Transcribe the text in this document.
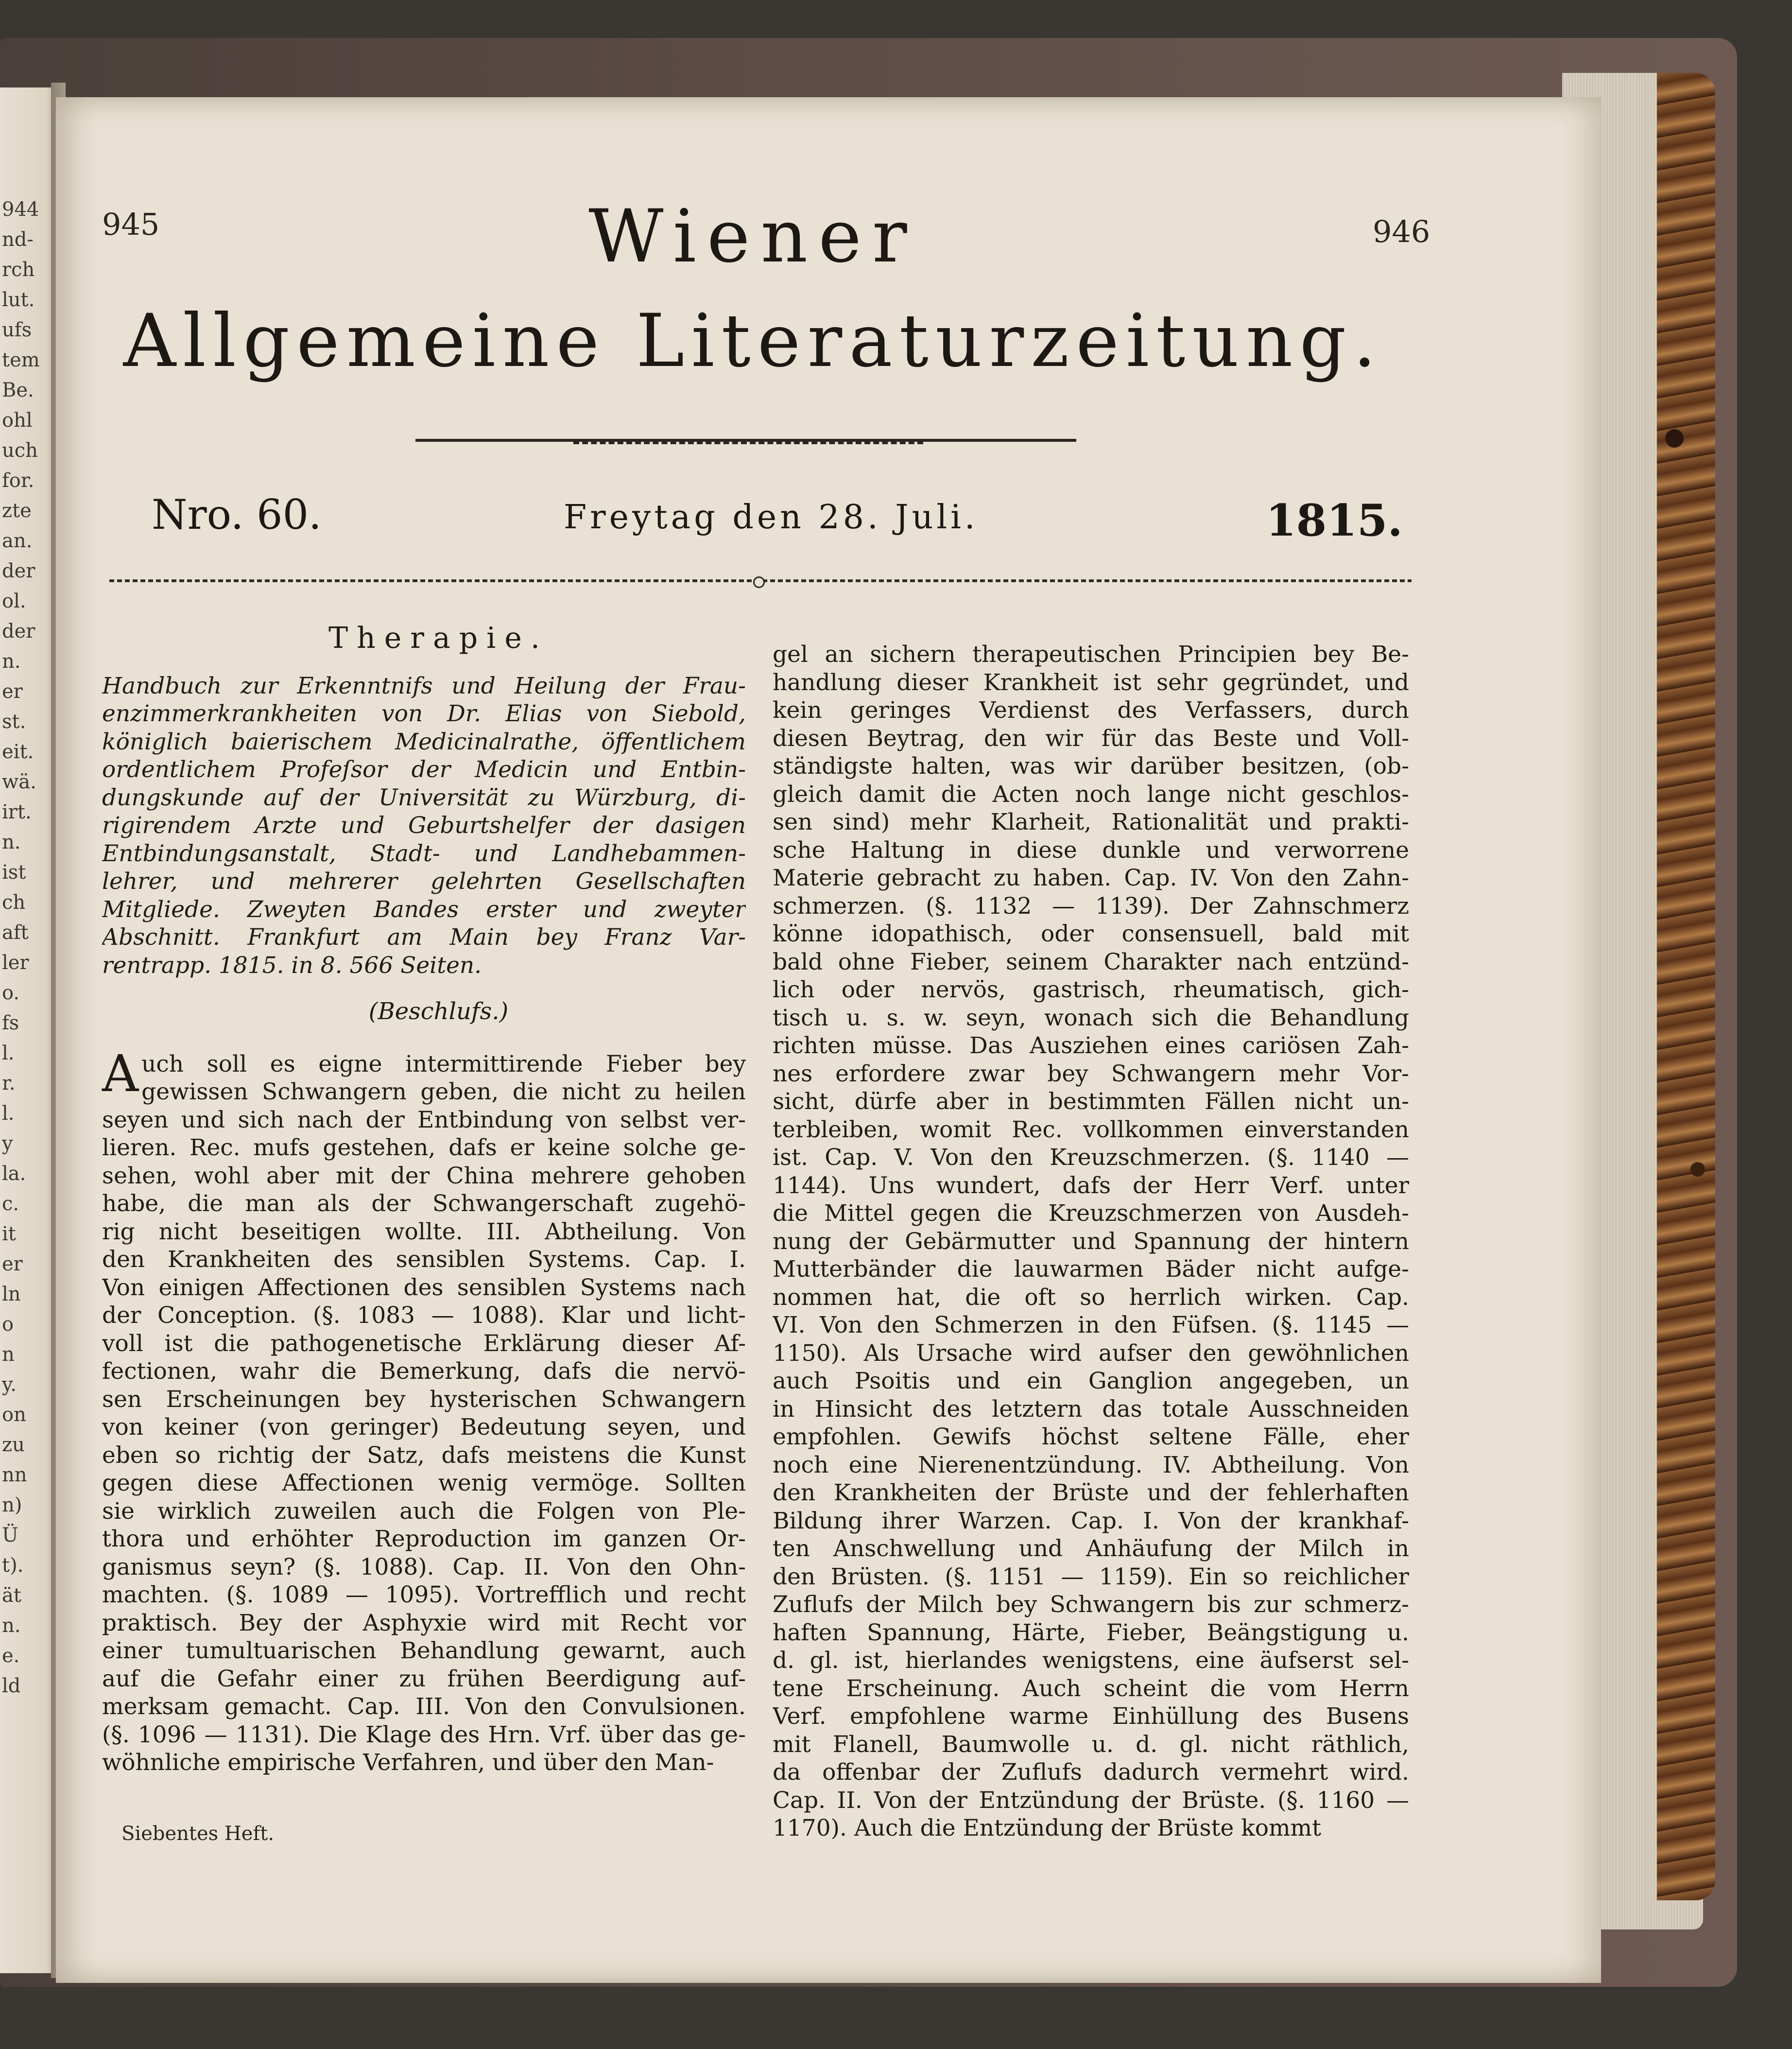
944
nd-
rch
lut.
ufs
tem
Be.
ohl
uch
for.
zte
an.
der
ol.
der
n.
er
st.
eit.
wä.
irt.
n.
ist
ch
aft
ler
o.
fs
l.
r.
l.
y
la.
c.
it
er
ln
o
n
y.
on
zu
nn
n)
Ü
t).
ät
n.
e.
ld
945	946
Wiener
Allgemeine Literaturzeitung.
Nro. 60.	Freytag den 28. Juli.	1815.
Therapie.
Handbuch zur Erkenntnifs und Heilung der Frau-
enzimmerkrankheiten von Dr. Elias von Siebold,
königlich baierischem Medicinalrathe, öffentlichem
ordentlichem Profeſsor der Medicin und Entbin-
dungskunde auf der Universität zu Würzburg, di-
rigirendem Arzte und Geburtshelfer der dasigen
Entbindungsanstalt, Stadt- und Landhebammen-
lehrer, und mehrerer gelehrten Gesellschaften
Mitgliede. Zweyten Bandes erster und zweyter
Abschnitt. Frankfurt am Main bey Franz Var-
rentrapp. 1815. in 8. 566 Seiten.
(Beschlufs.)
A uch soll es eigne intermittirende Fieber bey
gewissen Schwangern geben, die nicht zu heilen
seyen und sich nach der Entbindung von selbst ver-
lieren. Rec. mufs gestehen, dafs er keine solche ge-
sehen, wohl aber mit der China mehrere gehoben
habe, die man als der Schwangerschaft zugehö-
rig nicht beseitigen wollte. III. Abtheilung. Von
den Krankheiten des sensiblen Systems. Cap. I.
Von einigen Affectionen des sensiblen Systems nach
der Conception. (§. 1083 — 1088). Klar und licht-
voll ist die pathogenetische Erklärung dieser Af-
fectionen, wahr die Bemerkung, dafs die nervö-
sen Erscheinungen bey hysterischen Schwangern
von keiner (von geringer) Bedeutung seyen, und
eben so richtig der Satz, dafs meistens die Kunst
gegen diese Affectionen wenig vermöge. Sollten
sie wirklich zuweilen auch die Folgen von Ple-
thora und erhöhter Reproduction im ganzen Or-
ganismus seyn? (§. 1088). Cap. II. Von den Ohn-
machten. (§. 1089 — 1095). Vortrefflich und recht
praktisch. Bey der Asphyxie wird mit Recht vor
einer tumultuarischen Behandlung gewarnt, auch
auf die Gefahr einer zu frühen Beerdigung auf-
merksam gemacht. Cap. III. Von den Convulsionen.
(§. 1096 — 1131). Die Klage des Hrn. Vrf. über das ge-
wöhnliche empirische Verfahren, und über den Man-
gel an sichern therapeutischen Principien bey Be-
handlung dieser Krankheit ist sehr gegründet, und
kein geringes Verdienst des Verfassers, durch
diesen Beytrag, den wir für das Beste und Voll-
ständigste halten, was wir darüber besitzen, (ob-
gleich damit die Acten noch lange nicht geschlos-
sen sind) mehr Klarheit, Rationalität und prakti-
sche Haltung in diese dunkle und verworrene
Materie gebracht zu haben. Cap. IV. Von den Zahn-
schmerzen. (§. 1132 — 1139). Der Zahnschmerz
könne idopathisch, oder consensuell, bald mit
bald ohne Fieber, seinem Charakter nach entzünd-
lich oder nervös, gastrisch, rheumatisch, gich-
tisch u. s. w. seyn, wonach sich die Behandlung
richten müsse. Das Ausziehen eines cariösen Zah-
nes erfordere zwar bey Schwangern mehr Vor-
sicht, dürfe aber in bestimmten Fällen nicht un-
terbleiben, womit Rec. vollkommen einverstanden
ist. Cap. V. Von den Kreuzschmerzen. (§. 1140 —
1144). Uns wundert, dafs der Herr Verf. unter
die Mittel gegen die Kreuzschmerzen von Ausdeh-
nung der Gebärmutter und Spannung der hintern
Mutterbänder die lauwarmen Bäder nicht aufge-
nommen hat, die oft so herrlich wirken. Cap.
VI. Von den Schmerzen in den Füfsen. (§. 1145 —
1150). Als Ursache wird aufser den gewöhnlichen
auch Psoitis und ein Ganglion angegeben, un
in Hinsicht des letztern das totale Ausschneiden
empfohlen. Gewifs höchst seltene Fälle, eher
noch eine Nierenentzündung. IV. Abtheilung. Von
den Krankheiten der Brüste und der fehlerhaften
Bildung ihrer Warzen. Cap. I. Von der krankhaf-
ten Anschwellung und Anhäufung der Milch in
den Brüsten. (§. 1151 — 1159). Ein so reichlicher
Zuflufs der Milch bey Schwangern bis zur schmerz-
haften Spannung, Härte, Fieber, Beängstigung u.
d. gl. ist, hierlandes wenigstens, eine äufserst sel-
tene Erscheinung. Auch scheint die vom Herrn
Verf. empfohlene warme Einhüllung des Busens
mit Flanell, Baumwolle u. d. gl. nicht räthlich,
da offenbar der Zuflufs dadurch vermehrt wird.
Cap. II. Von der Entzündung der Brüste. (§. 1160 —
1170). Auch die Entzündung der Brüste kommt
Siebentes Heft.
